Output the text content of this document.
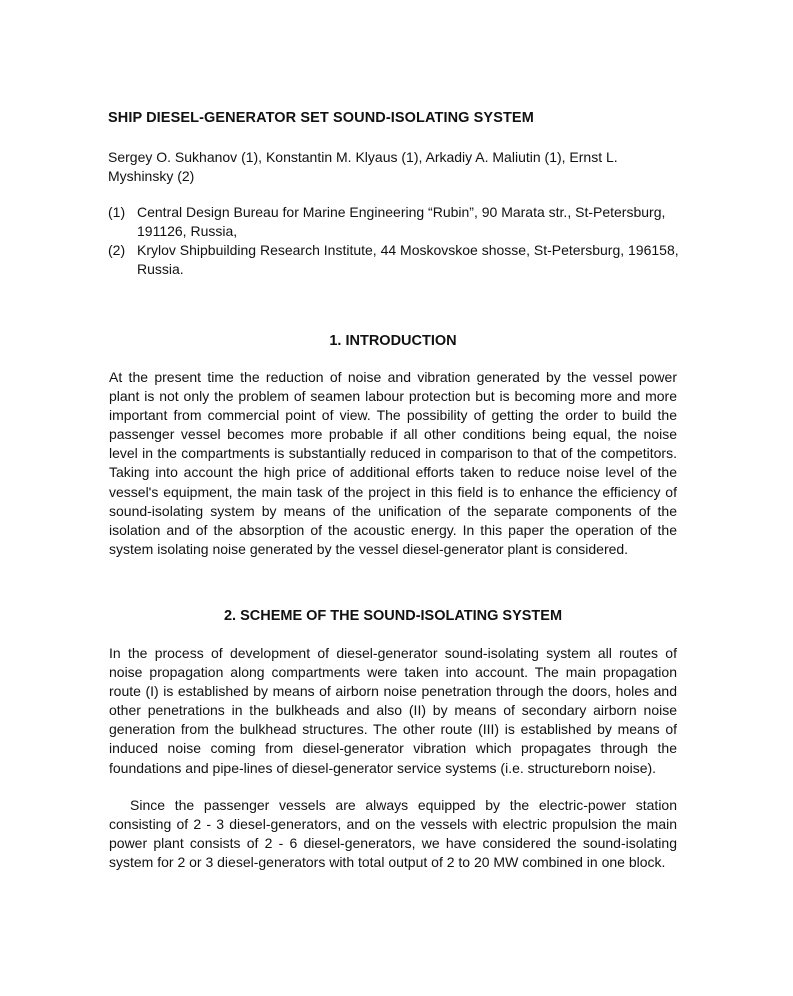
SHIP DIESEL-GENERATOR SET SOUND-ISOLATING SYSTEM

Sergey O. Sukhanov (1), Konstantin M. Klyaus (1), Arkadiy A. Maliutin (1), Ernst L. Myshinsky (2)

(1) Central Design Bureau for Marine Engineering “Rubin”, 90 Marata str., St-Petersburg, 191126, Russia,
(2) Krylov Shipbuilding Research Institute, 44 Moskovskoe shosse, St-Petersburg, 196158, Russia.
1. INTRODUCTION

At the present time the reduction of noise and vibration generated by the vessel power plant is not only the problem of seamen labour protection but is becoming more and more important from commercial point of view. The possibility of getting the order to build the passenger vessel becomes more probable if all other conditions being equal, the noise level in the compartments is substantially reduced in comparison to that of the competitors. Taking into account the high price of additional efforts taken to reduce noise level of the vessel's equipment, the main task of the project in this field is to enhance the efficiency of sound-isolating system by means of the unification of the separate components of the isolation and of the absorption of the acoustic energy. In this paper the operation of the system isolating noise generated by the vessel diesel-generator plant is considered.

2. SCHEME OF THE SOUND-ISOLATING SYSTEM

In the process of development of diesel-generator sound-isolating system all routes of noise propagation along compartments were taken into account. The main propagation route (I) is established by means of airborn noise penetration through the doors, holes and other penetrations in the bulkheads and also (II) by means of secondary airborn noise generation from the bulkhead structures. The other route (III) is established by means of induced noise coming from diesel-generator vibration which propagates through the foundations and pipe-lines of diesel-generator service systems (i.e. structureborn noise).

Since the passenger vessels are always equipped by the electric-power station consisting of 2 - 3 diesel-generators, and on the vessels with electric propulsion the main power plant consists of 2 - 6 diesel-generators, we have considered the sound-isolating system for 2 or 3 diesel-generators with total output of 2 to 20 MW combined in one block.
